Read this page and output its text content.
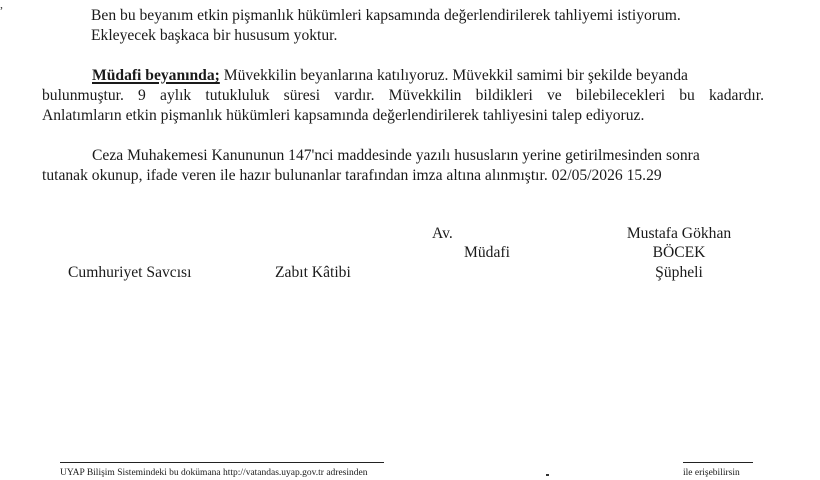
,
Ben bu beyanım etkin pişmanlık hükümleri kapsamında değerlendirilerek tahliyemi istiyorum.
Ekleyecek başkaca bir hususum yoktur.
Müdafi beyanında; Müvekkilin beyanlarına katılıyoruz. Müvekkil samimi bir şekilde beyanda
bulunmuştur. 9 aylık tutukluluk süresi vardır. Müvekkilin bildikleri ve bilebilecekleri bu kadardır.
Anlatımların etkin pişmanlık hükümleri kapsamında değerlendirilerek tahliyesini talep ediyoruz.
Ceza Muhakemesi Kanununun 147'nci maddesinde yazılı hususların yerine getirilmesinden sonra
tutanak okunup, ifade veren ile hazır bulunanlar tarafından imza altına alınmıştır. 02/05/2026 15.29
Cumhuriyet Savcısı	Zabıt Kâtibi
Av.
Müdafi
Mustafa Gökhan
BÖCEK
Şüpheli
UYAP Bilişim Sistemindeki bu dokümana http://vatandas.uyap.gov.tr adresinden	ile erişebilirsin
